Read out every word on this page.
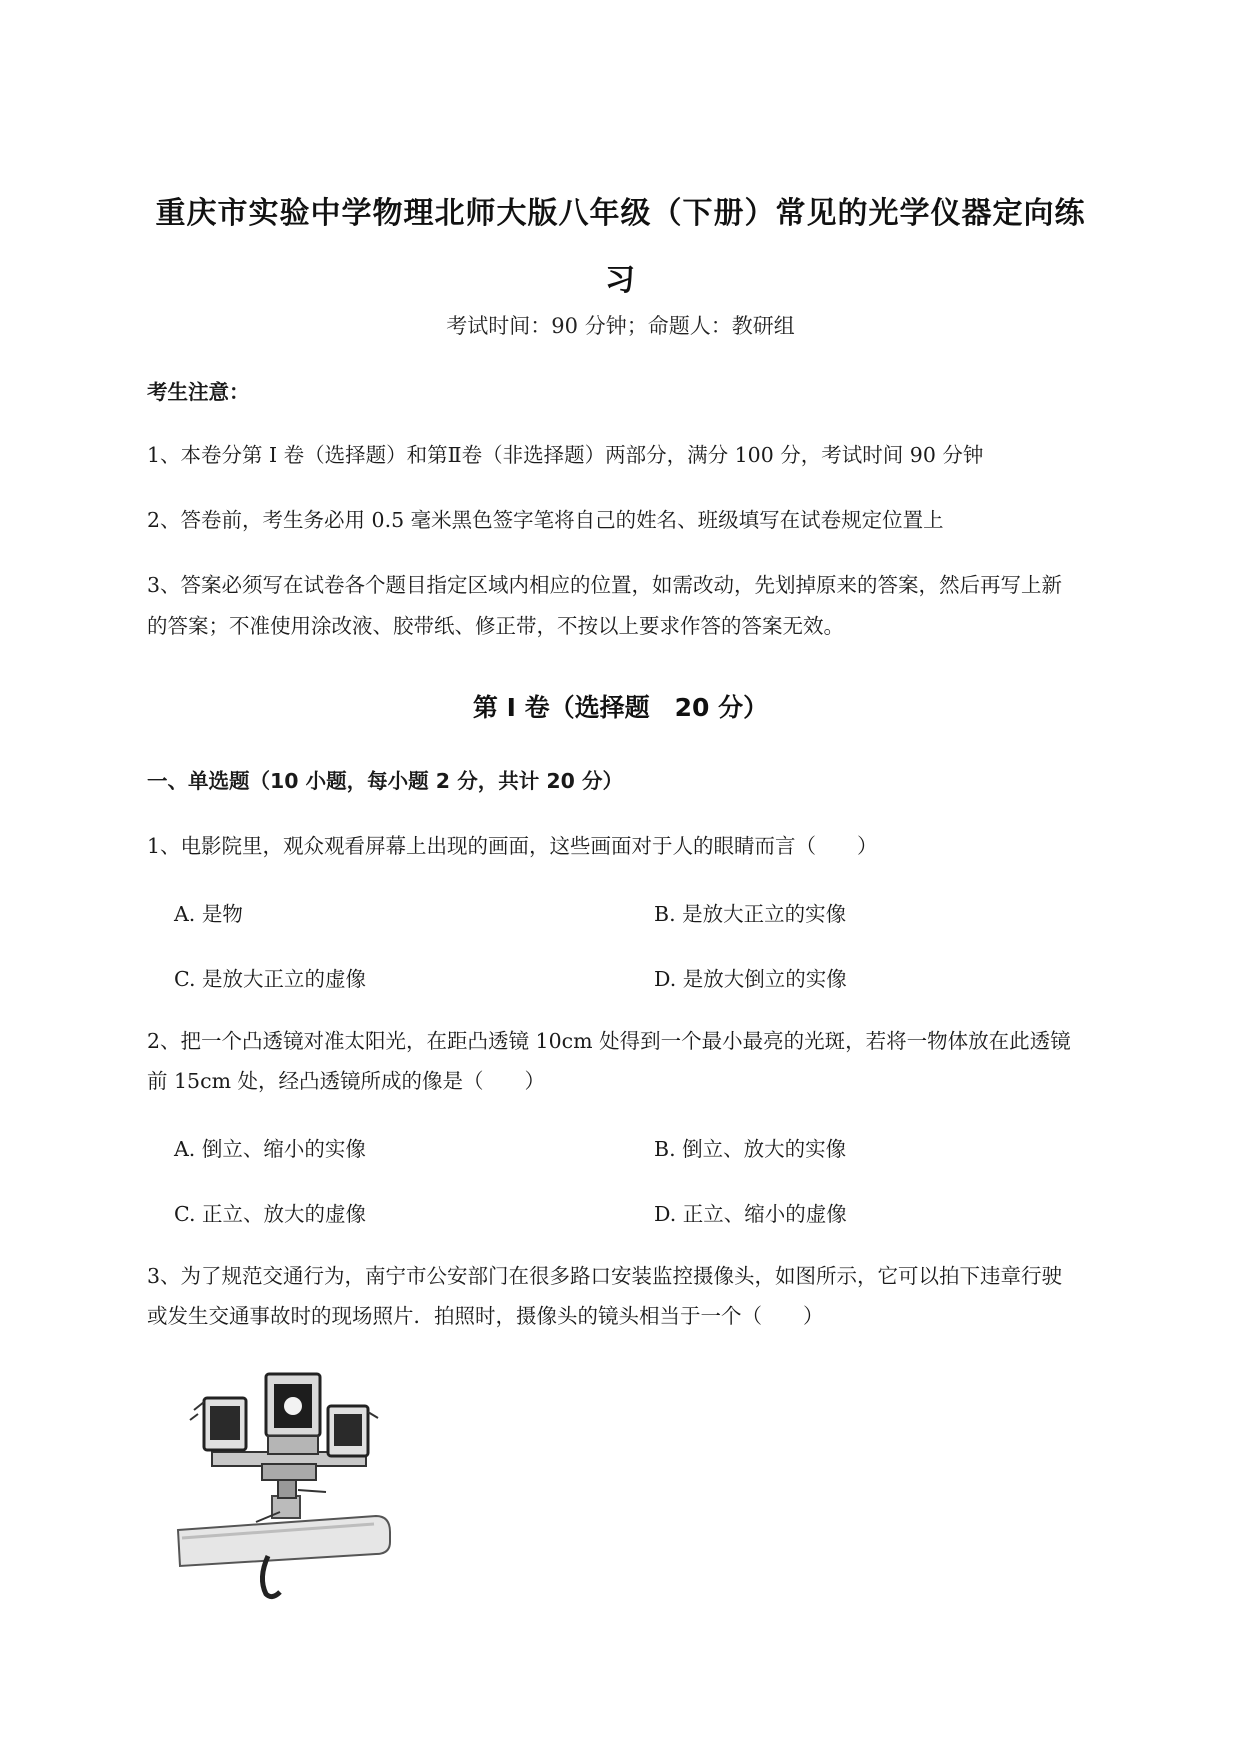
重庆市实验中学物理北师大版八年级（下册）常见的光学仪器定向练
习
考试时间：90 分钟；命题人：教研组
考生注意：
1、本卷分第 I 卷（选择题）和第Ⅱ卷（非选择题）两部分，满分 100 分，考试时间 90 分钟
2、答卷前，考生务必用 0.5 毫米黑色签字笔将自己的姓名、班级填写在试卷规定位置上
3、答案必须写在试卷各个题目指定区域内相应的位置，如需改动，先划掉原来的答案，然后再写上新
的答案；不准使用涂改液、胶带纸、修正带，不按以上要求作答的答案无效。
第 I 卷（选择题　20 分）
一、单选题（10 小题，每小题 2 分，共计 20 分）
1、电影院里，观众观看屏幕上出现的画面，这些画面对于人的眼睛而言（　　）
A. 是物	B. 是放大正立的实像
C. 是放大正立的虚像	D. 是放大倒立的实像
2、把一个凸透镜对准太阳光，在距凸透镜 10cm 处得到一个最小最亮的光斑，若将一物体放在此透镜
前 15cm 处，经凸透镜所成的像是（　　）
A. 倒立、缩小的实像	B. 倒立、放大的实像
C. 正立、放大的虚像	D. 正立、缩小的虚像
3、为了规范交通行为，南宁市公安部门在很多路口安装监控摄像头，如图所示，它可以拍下违章行驶
或发生交通事故时的现场照片．拍照时，摄像头的镜头相当于一个（　　）
